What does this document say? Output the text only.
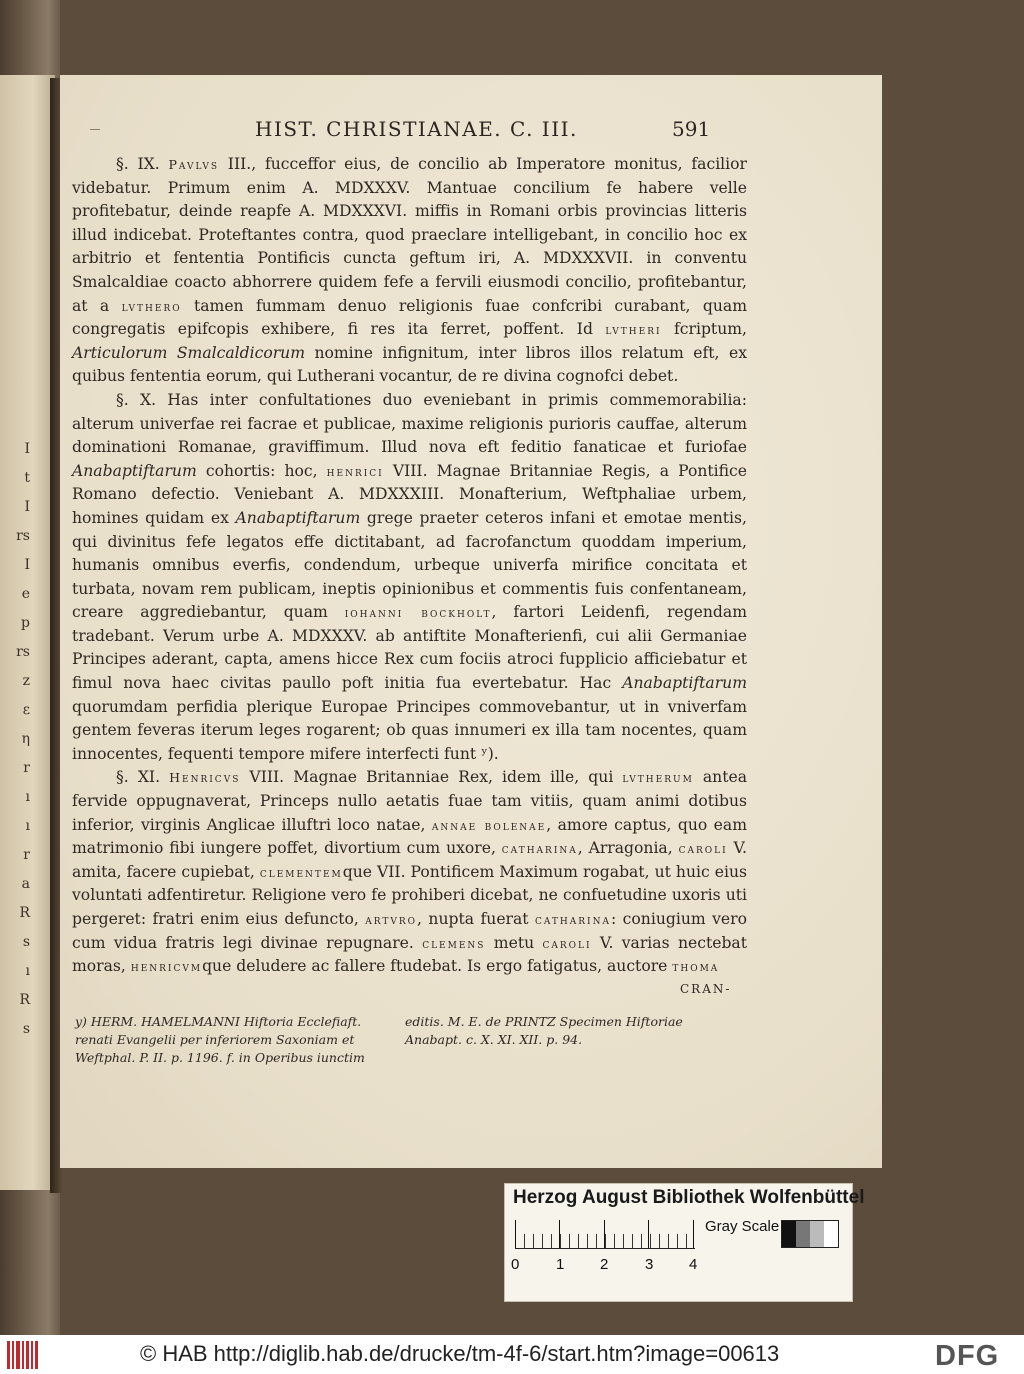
I
t
I
rs
I
e
p
rs
z
ε
η
r
ı
ı
r
a
R
s
ı
R
s
HIST. CHRISTIANAE. C. III.	591

§. IX. Pavlvs III., fucceffor eius, de concilio ab Imperatore monitus, facilior videbatur. Primum enim A. MDXXXV. Mantuae concilium fe habere velle profitebatur, deinde reapfe A. MDXXXVI. miffis in Romani orbis provincias litteris illud indicebat. Proteftantes contra, quod praeclare intelligebant, in concilio hoc ex arbitrio et fententia Pontificis cuncta geftum iri, A. MDXXXVII. in conventu Smalcaldiae coacto abhorrere quidem fefe a fervili eiusmodi concilio, profitebantur, at a lvthero tamen fummam denuo religionis fuae confcribi curabant, quam congregatis epifcopis exhibere, fi res ita ferret, poffent. Id lvtheri fcriptum, Articulorum Smalcaldicorum nomine infignitum, inter libros illos relatum eft, ex quibus fententia eorum, qui Lutherani vocantur, de re divina cognofci debet.

§. X. Has inter confultationes duo eveniebant in primis commemorabilia: alterum univerfae rei facrae et publicae, maxime religionis purioris cauffae, alterum dominationi Romanae, graviffimum. Illud nova eft feditio fanaticae et furiofae Anabaptiftarum cohortis: hoc, henrici VIII. Magnae Britanniae Regis, a Pontifice Romano defectio. Veniebant A. MDXXXIII. Monafterium, Weftphaliae urbem, homines quidam ex Anabaptiftarum grege praeter ceteros infani et emotae mentis, qui divinitus fefe legatos effe dictitabant, ad facrofanctum quoddam imperium, humanis omnibus everfis, condendum, urbeque univerfa mirifice concitata et turbata, novam rem publicam, ineptis opinionibus et commentis fuis confentaneam, creare aggrediebantur, quam iohanni bockholt, fartori Leidenfi, regendam tradebant. Verum urbe A. MDXXXV. ab antiftite Monafterienfi, cui alii Germaniae Principes aderant, capta, amens hicce Rex cum fociis atroci fupplicio afficiebatur et fimul nova haec civitas paullo poft initia fua evertebatur. Hac Anabaptiftarum quorumdam perfidia plerique Europae Principes commovebantur, ut in vniverfam gentem feveras iterum leges rogarent; ob quas innumeri ex illa tam nocentes, quam innocentes, fequenti tempore mifere interfecti funt ʸ).

§. XI. Henricvs VIII. Magnae Britanniae Rex, idem ille, qui lvtherum antea fervide oppugnaverat, Princeps nullo aetatis fuae tam vitiis, quam animi dotibus inferior, virginis Anglicae illuftri loco natae, annae bolenae, amore captus, quo eam matrimonio fibi iungere poffet, divortium cum uxore, catharina, Arragonia, caroli V. amita, facere cupiebat, clementemque VII. Pontificem Maximum rogabat, ut huic eius voluntati adfentiretur. Religione vero fe prohiberi dicebat, ne confuetudine uxoris uti pergeret: fratri enim eius defuncto, artvro, nupta fuerat catharina: coniugium vero cum vidua fratris legi divinae repugnare. clemens metu caroli V. varias nectebat moras, henricvmque deludere ac fallere ftudebat. Is ergo fatigatus, auctore thoma

CRAN-
y) HERM. HAMELMANNI Hiftoria Ecclefiaft. renati Evangelii per inferiorem Saxoniam et Weftphal. P. II. p. 1196. f. in Operibus iunctim
editis. M. E. de PRINTZ Specimen Hiftoriae Anabapt. c. X. XI. XII. p. 94.
Herzog August Bibliothek Wolfenbüttel
0 1 2 3 4
Gray Scale
© HAB http://diglib.hab.de/drucke/tm-4f-6/start.htm?image=00613	DFG
